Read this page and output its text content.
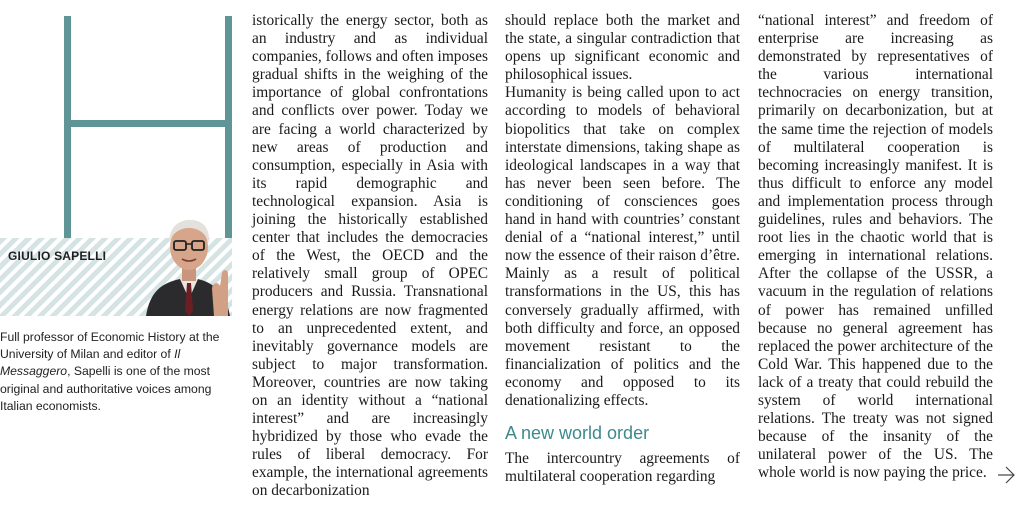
GIULIO SAPELLI

Full professor of Economic History at the University of Milan and editor of Il Messaggero, Sapelli is one of the most original and authoritative voices among Italian economists.

istorically the energy sector, both as an industry and as individual companies, follows and often imposes gradual shifts in the weighing of the importance of global confrontations and conflicts over power. Today we are facing a world characterized by new areas of production and consumption, especially in Asia with its rapid demographic and technological expansion. Asia is joining the historically established center that includes the democracies of the West, the OECD and the relatively small group of OPEC producers and Russia. Transnational energy relations are now fragmented to an unprecedented extent, and inevitably governance models are subject to major transformation. Moreover, countries are now taking on an identity without a “national interest” and are increasingly hybridized by those who evade the rules of liberal democracy. For example, the international agreements on decarbonization

should replace both the market and the state, a singular contradiction that opens up significant economic and philosophical issues.

Humanity is being called upon to act according to models of behavioral biopolitics that take on complex interstate dimensions, taking shape as ideological landscapes in a way that has never been seen before. The conditioning of consciences goes hand in hand with countries’ constant denial of a “national interest,” until now the essence of their raison d’être. Mainly as a result of political transformations in the US, this has conversely gradually affirmed, with both difficulty and force, an opposed movement resistant to the financialization of politics and the economy and opposed to its denationalizing effects.

A new world order

The intercountry agreements of multilateral cooperation regarding

“national interest” and freedom of enterprise are increasing as demonstrated by representatives of the various international technocracies on energy transition, primarily on decarbonization, but at the same time the rejection of models of multilateral cooperation is becoming increasingly manifest. It is thus difficult to enforce any model and implementation process through guidelines, rules and behaviors. The root lies in the chaotic world that is emerging in international relations. After the collapse of the USSR, a vacuum in the regulation of relations of power has remained unfilled because no general agreement has replaced the power architecture of the Cold War. This happened due to the lack of a treaty that could rebuild the system of world international relations. The treaty was not signed because of the insanity of the unilateral power of the US. The whole world is now paying the price.
